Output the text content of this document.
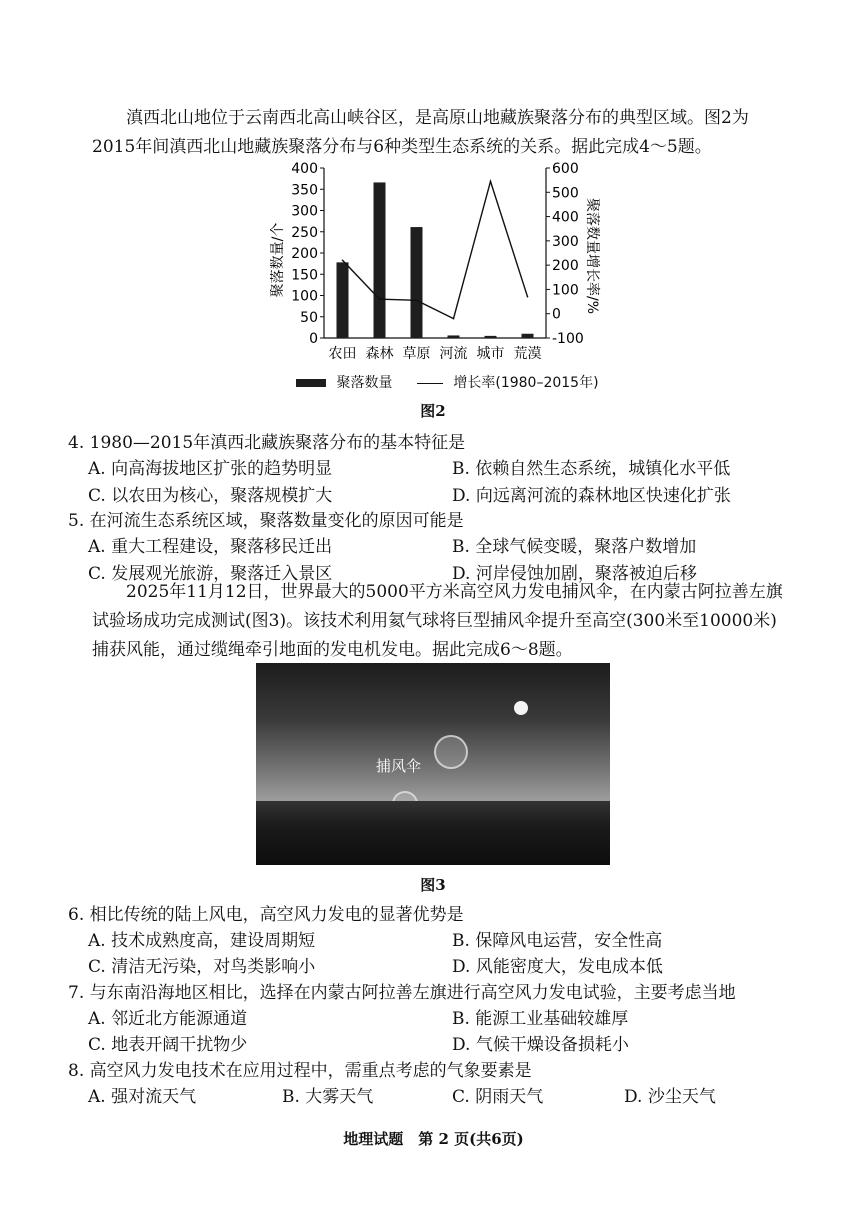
滇西北山地位于云南西北高山峡谷区，是高原山地藏族聚落分布的典型区域。图2为2015年间滇西北山地藏族聚落分布与6种类型生态系统的关系。据此完成4～5题。

0
50
100
150
200
250
300
350
400
-100
0
100
200
300
400
500
600
农田 森林 草原 河流 城市 荒漠
聚落数量/个	聚落数量增长率/%
聚落数量	增长率(1980–2015年)
图2

4. 1980—2015年滇西北藏族聚落分布的基本特征是

A. 向高海拔地区扩张的趋势明显	B. 依赖自然生态系统，城镇化水平低

C. 以农田为核心，聚落规模扩大	D. 向远离河流的森林地区快速化扩张

5. 在河流生态系统区域，聚落数量变化的原因可能是

A. 重大工程建设，聚落移民迁出	B. 全球气候变暖，聚落户数增加

C. 发展观光旅游，聚落迁入景区	D. 河岸侵蚀加剧，聚落被迫后移

2025年11月12日，世界最大的5000平方米高空风力发电捕风伞，在内蒙古阿拉善左旗试验场成功完成测试(图3)。该技术利用氦气球将巨型捕风伞提升至高空(300米至10000米)捕获风能，通过缆绳牵引地面的发电机发电。据此完成6～8题。

捕风伞
图3

6. 相比传统的陆上风电，高空风力发电的显著优势是

A. 技术成熟度高，建设周期短	B. 保障风电运营，安全性高

C. 清洁无污染，对鸟类影响小	D. 风能密度大，发电成本低

7. 与东南沿海地区相比，选择在内蒙古阿拉善左旗进行高空风力发电试验，主要考虑当地

A. 邻近北方能源通道	B. 能源工业基础较雄厚

C. 地表开阔干扰物少	D. 气候干燥设备损耗小

8. 高空风力发电技术在应用过程中，需重点考虑的气象要素是

A. 强对流天气	B. 大雾天气	C. 阴雨天气	D. 沙尘天气

地理试题　第 2 页(共6页)
